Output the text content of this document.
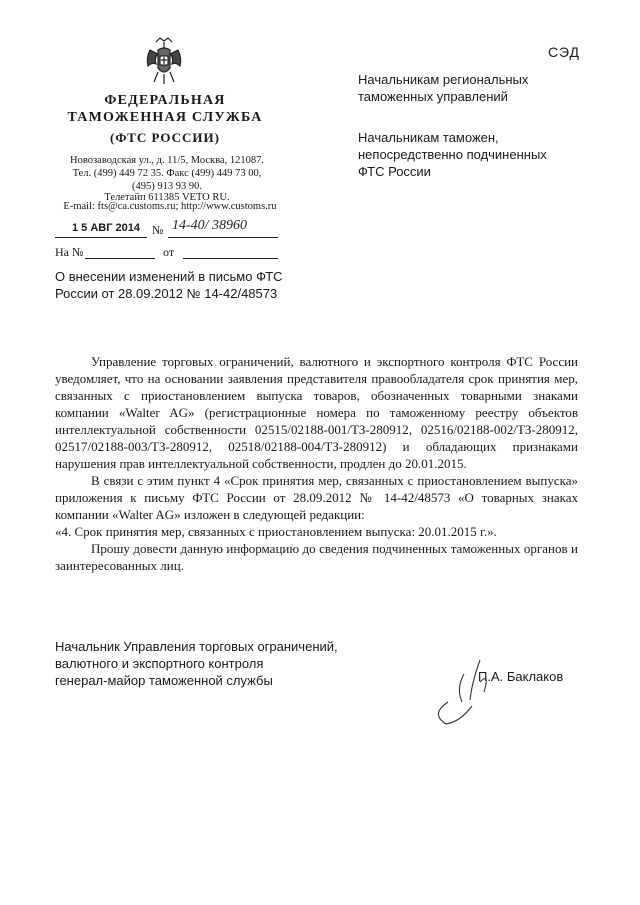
ФЕДЕРАЛЬНАЯ
ТАМОЖЕННАЯ СЛУЖБА
(ФТС РОССИИ)
Новозаводская ул., д. 11/5, Москва, 121087.
Тел. (499) 449 72 35. Факс (499) 449 73 00,
(495) 913 93 90.
Телетайп 611385 VETO RU.
E-mail: fts@ca.customs.ru; http://www.customs.ru
СЭД
Начальникам региональных
таможенных управлений
Начальникам таможен,
непосредственно подчиненных
ФТС России
1 5 АВГ 2014 № 14-40/ 38960
На №	от
О внесении изменений в письмо ФТС
России от 28.09.2012 № 14-42/48573

Управление торговых ограничений, валютного и экспортного контроля ФТС России уведомляет, что на основании заявления представителя правообладателя срок принятия мер, связанных с приостановлением выпуска товаров, обозначенных товарными знаками компании «Walter AG» (регистрационные номера по таможенному реестру объектов интеллектуальной собственности 02515/02188-001/ТЗ-280912, 02516/02188-002/ТЗ-280912, 02517/02188-003/ТЗ-280912, 02518/02188-004/ТЗ-280912) и обладающих признаками нарушения прав интеллектуальной собственности, продлен до 20.01.2015.

В связи с этим пункт 4 «Срок принятия мер, связанных с приостановлением выпуска» приложения к письму ФТС России от 28.09.2012 № 14-42/48573 «О товарных знаках компании «Walter AG» изложен в следующей редакции:

«4. Срок принятия мер, связанных с приостановлением выпуска: 20.01.2015 г.».

Прошу довести данную информацию до сведения подчиненных таможенных органов и заинтересованных лиц.

Начальник Управления торговых ограничений,
валютного и экспортного контроля
генерал-майор таможенной службы	П.А. Баклаков
